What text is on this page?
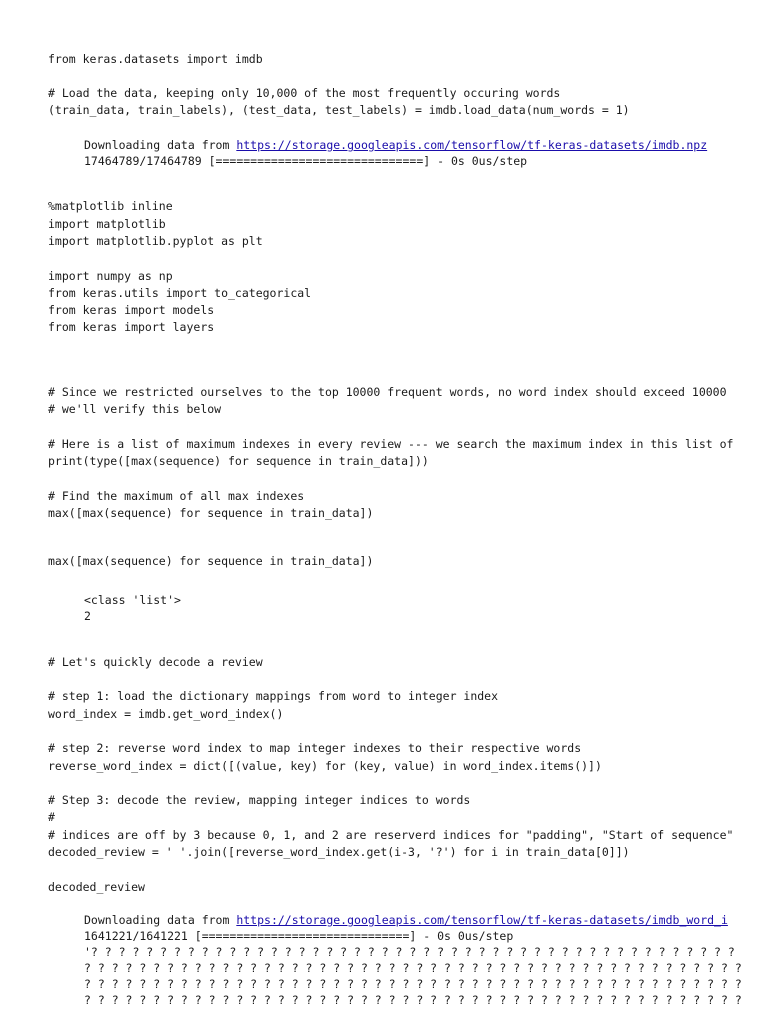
from keras.datasets import imdb
# Load the data, keeping only 10,000 of the most frequently occuring words
(train_data, train_labels), (test_data, test_labels) = imdb.load_data(num_words = 1)
Downloading data from https://storage.googleapis.com/tensorflow/tf-keras-datasets/imdb.npz
17464789/17464789 [==============================] - 0s 0us/step
%matplotlib inline
import matplotlib
import matplotlib.pyplot as plt
import numpy as np
from keras.utils import to_categorical
from keras import models
from keras import layers
# Since we restricted ourselves to the top 10000 frequent words, no word index should exceed 10000
# we'll verify this below
# Here is a list of maximum indexes in every review --- we search the maximum index in this list of
print(type([max(sequence) for sequence in train_data]))
# Find the maximum of all max indexes
max([max(sequence) for sequence in train_data])
max([max(sequence) for sequence in train_data])
<class 'list'>
2
# Let's quickly decode a review
# step 1: load the dictionary mappings from word to integer index
word_index = imdb.get_word_index()
# step 2: reverse word index to map integer indexes to their respective words
reverse_word_index = dict([(value, key) for (key, value) in word_index.items()])
# Step 3: decode the review, mapping integer indices to words
#
# indices are off by 3 because 0, 1, and 2 are reserverd indices for "padding", "Start of sequence"
decoded_review = ' '.join([reverse_word_index.get(i-3, '?') for i in train_data[0]])
decoded_review
Downloading data from https://storage.googleapis.com/tensorflow/tf-keras-datasets/imdb_word_i
1641221/1641221 [==============================] - 0s 0us/step
'? ? ? ? ? ? ? ? ? ? ? ? ? ? ? ? ? ? ? ? ? ? ? ? ? ? ? ? ? ? ? ? ? ? ? ? ? ? ? ? ? ? ? ? ? ? ?
? ? ? ? ? ? ? ? ? ? ? ? ? ? ? ? ? ? ? ? ? ? ? ? ? ? ? ? ? ? ? ? ? ? ? ? ? ? ? ? ? ? ? ? ? ? ? ?
? ? ? ? ? ? ? ? ? ? ? ? ? ? ? ? ? ? ? ? ? ? ? ? ? ? ? ? ? ? ? ? ? ? ? ? ? ? ? ? ? ? ? ? ? ? ? ?
? ? ? ? ? ? ? ? ? ? ? ? ? ? ? ? ? ? ? ? ? ? ? ? ? ? ? ? ? ? ? ? ? ? ? ? ? ? ? ? ? ? ? ? ? ? ? ?
